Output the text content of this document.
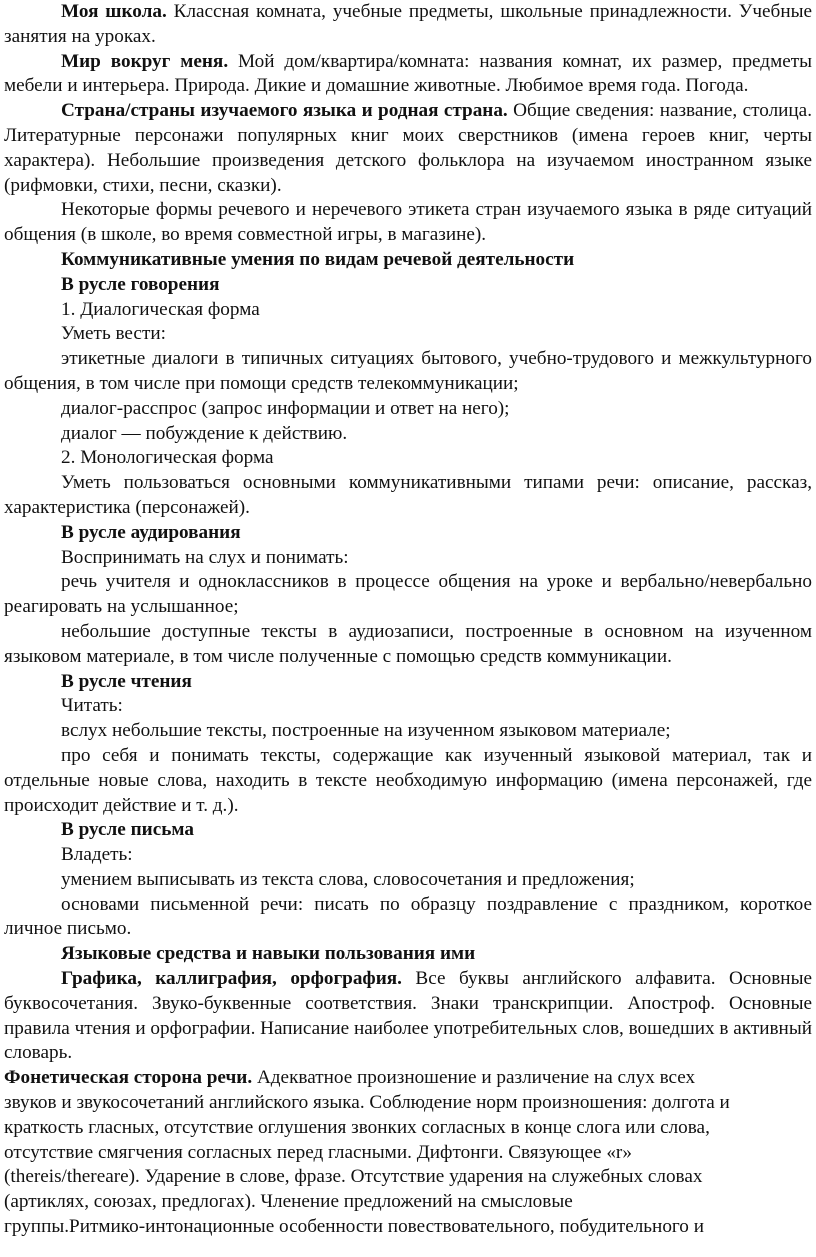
Моя школа. Классная комната, учебные предметы, школьные принадлежности. Учебные занятия на уроках.

Мир вокруг меня. Мой дом/квартира/комната: названия комнат, их размер, предметы мебели и интерьера. Природа. Дикие и домашние животные. Любимое время года. Погода.

Страна/страны изучаемого языка и родная страна. Общие сведения: название, столица. Литературные персонажи популярных книг моих сверстников (имена героев книг, черты характера). Небольшие произведения детского фольклора на изучаемом иностранном языке (рифмовки, стихи, песни, сказки).

Некоторые формы речевого и неречевого этикета стран изучаемого языка в ряде ситуаций общения (в школе, во время совместной игры, в магазине).

Коммуникативные умения по видам речевой деятельности

В русле говорения

1. Диалогическая форма

Уметь вести:

этикетные диалоги в типичных ситуациях бытового, учебно-трудового и межкультурного общения, в том числе при помощи средств телекоммуникации;

диалог-расспрос (запрос информации и ответ на него);

диалог — побуждение к действию.

2. Монологическая форма

Уметь пользоваться основными коммуникативными типами речи: описание, рассказ, характеристика (персонажей).

В русле аудирования

Воспринимать на слух и понимать:

речь учителя и одноклассников в процессе общения на уроке и вербально/невербально реагировать на услышанное;

небольшие доступные тексты в аудиозаписи, построенные в основном на изученном языковом материале, в том числе полученные с помощью средств коммуникации.

В русле чтения

Читать:

вслух небольшие тексты, построенные на изученном языковом материале;

про себя и понимать тексты, содержащие как изученный языковой материал, так и отдельные новые слова, находить в тексте необходимую информацию (имена персонажей, где происходит действие и т. д.).

В русле письма

Владеть:

умением выписывать из текста слова, словосочетания и предложения;

основами письменной речи: писать по образцу поздравление с праздником, короткое личное письмо.

Языковые средства и навыки пользования ими

Графика, каллиграфия, орфография. Все буквы английского алфавита. Основные буквосочетания. Звуко-буквенные соответствия. Знаки транскрипции. Апостроф. Основные правила чтения и орфографии. Написание наиболее употребительных слов, вошедших в активный словарь.

Фонетическая сторона речи. Адекватное произношение и различение на слух всех
звуков и звукосочетаний английского языка. Соблюдение норм произношения: долгота и
краткость гласных, отсутствие оглушения звонких согласных в конце слога или слова,
отсутствие смягчения согласных перед гласными. Дифтонги. Связующее «r»
(thereis/thereare). Ударение в слове, фразе. Отсутствие ударения на служебных словах
(артиклях, союзах, предлогах). Членение предложений на смысловые
группы.Ритмико-интонационные особенности повествовательного, побудительного и
